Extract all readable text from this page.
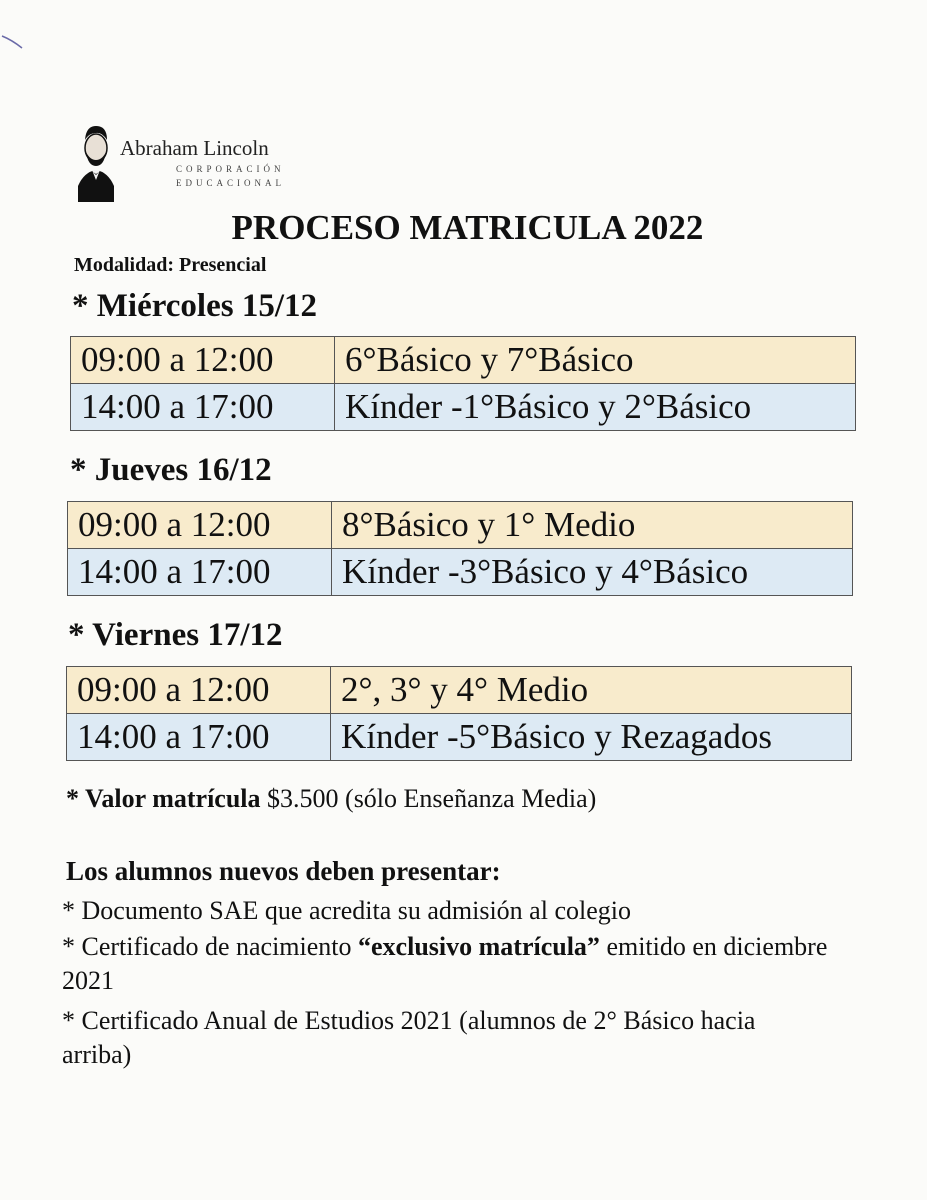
Abraham Lincoln
CORPORACIÓN
EDUCACIONAL
PROCESO MATRICULA 2022
Modalidad: Presencial
* Miércoles 15/12
09:00 a 12:00	6°Básico y 7°Básico
14:00 a 17:00	Kínder -1°Básico y 2°Básico
* Jueves 16/12
09:00 a 12:00	8°Básico y 1° Medio
14:00 a 17:00	Kínder -3°Básico y 4°Básico
* Viernes 17/12
09:00 a 12:00	2°, 3° y 4° Medio
14:00 a 17:00	Kínder -5°Básico y Rezagados
* Valor matrícula $3.500 (sólo Enseñanza Media)
Los alumnos nuevos deben presentar:
* Documento SAE que acredita su admisión al colegio
* Certificado de nacimiento “exclusivo matrícula” emitido en diciembre 2021
* Certificado Anual de Estudios 2021 (alumnos de 2° Básico hacia arriba)
